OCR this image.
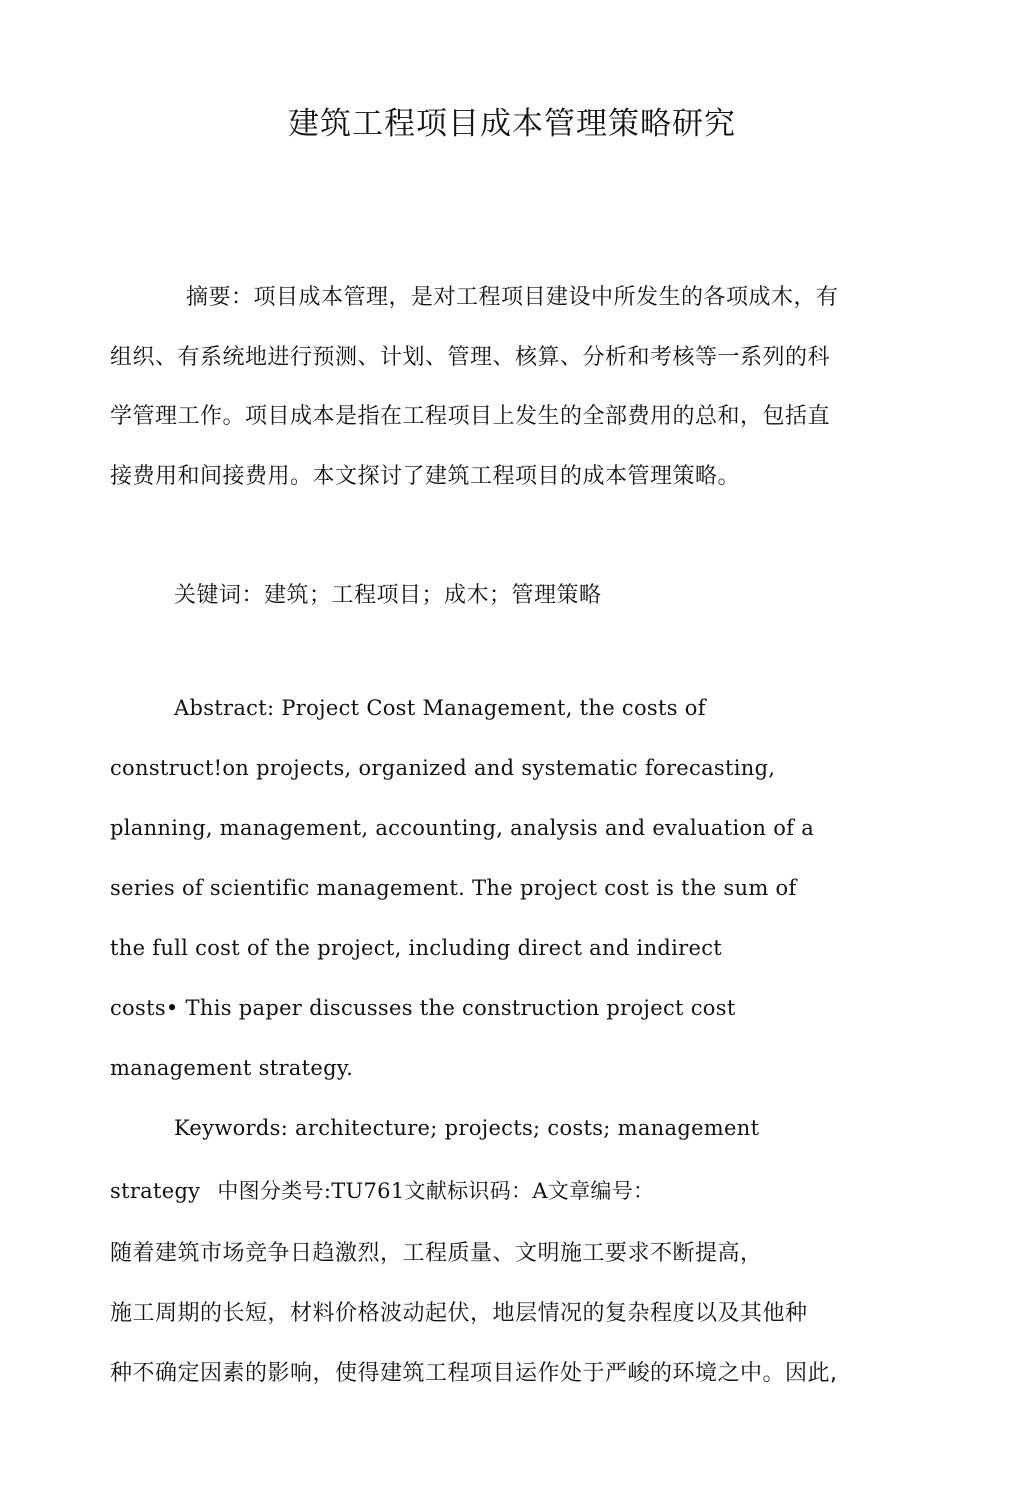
建筑工程项目成本管理策略研究

摘要：项目成本管理，是对工程项目建设中所发生的各项成木，有

组织、有系统地进行预测、计划、管理、核算、分析和考核等一系列的科

学管理工作。项目成本是指在工程项目上发生的全部费用的总和，包括直

接费用和间接费用。本文探讨了建筑工程项目的成本管理策略。

关键词：建筑；工程项目；成木；管理策略

Abstract: Project Cost Management, the costs of

construct!on projects, organized and systematic forecasting,

planning, management, accounting, analysis and evaluation of a

series of scientific management. The project cost is the sum of

the full cost of the project, including direct and indirect

costs• This paper discusses the construction project cost

management strategy.

Keywords: architecture; projects; costs; management

strategy 中图分类号:TU761文献标识码：A文章编号：

随着建筑市场竞争日趋激烈，工程质量、文明施工要求不断提高，

施工周期的长短，材料价格波动起伏，地层情况的复杂程度以及其他种

种不确定因素的影响，使得建筑工程项目运作处于严峻的环境之中。因此,
